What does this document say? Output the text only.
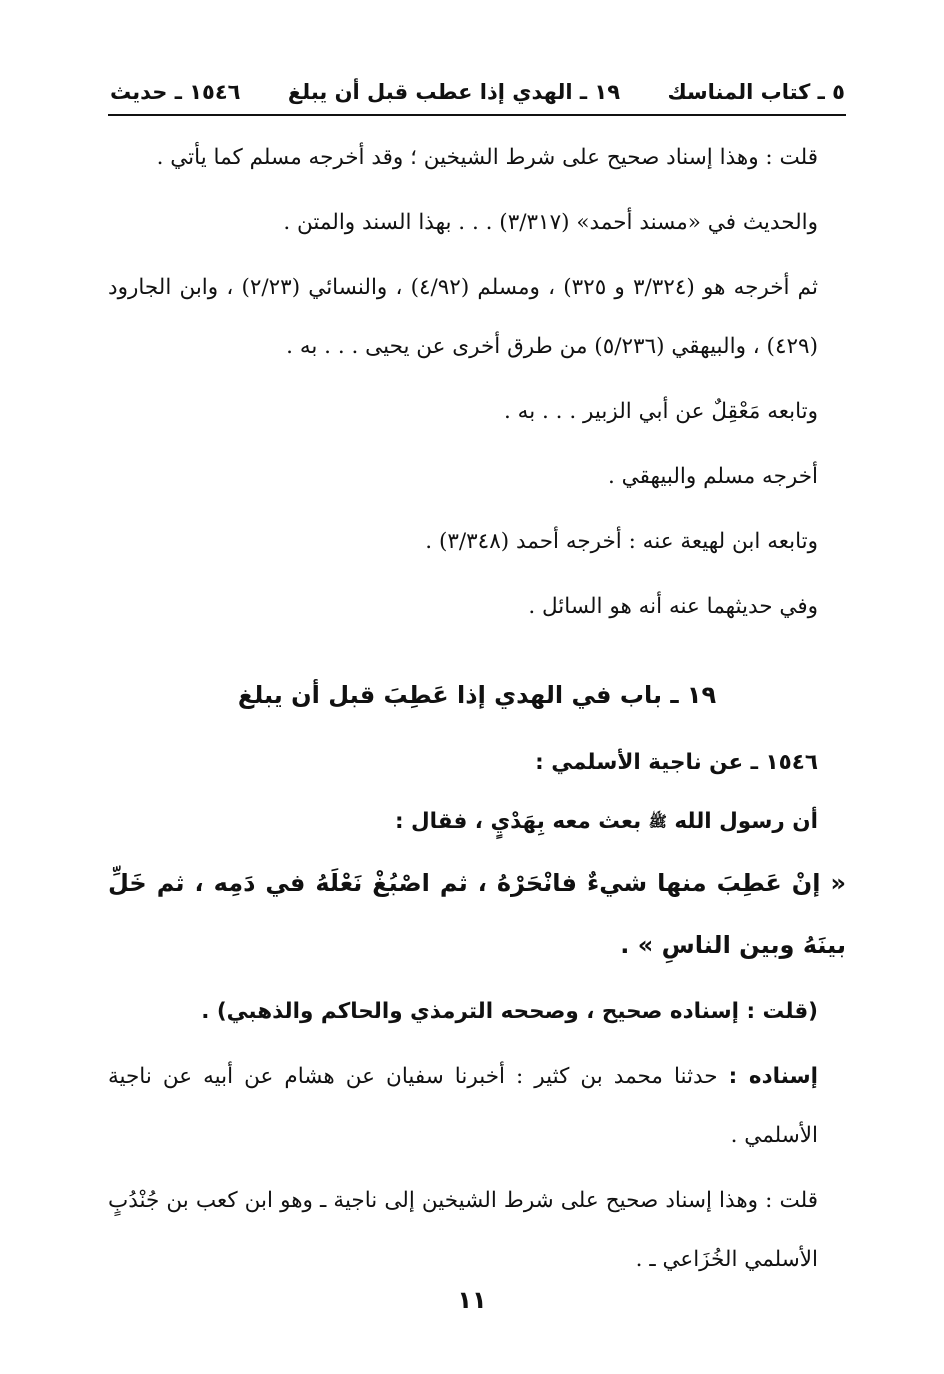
٥ ـ كتاب المناسك
١٩ ـ الهدي إذا عطب قبل أن يبلغ
١٥٤٦ ـ حديث

قلت : وهذا إسناد صحيح على شرط الشيخين ؛ وقد أخرجه مسلم كما يأتي .

والحديث في «مسند أحمد» (٣/٣١٧) . . . بهذا السند والمتن .

ثم أخرجه هو (٣/٣٢٤ و ٣٢٥) ، ومسلم (٤/٩٢) ، والنسائي (٢/٢٣) ، وابن الجارود (٤٢٩) ، والبيهقي (٥/٢٣٦) من طرق أخرى عن يحيى . . . به .

وتابعه مَعْقِلٌ عن أبي الزبير . . . به .

أخرجه مسلم والبيهقي .

وتابعه ابن لهيعة عنه : أخرجه أحمد (٣/٣٤٨) .

وفي حديثهما عنه أنه هو السائل .

١٩ ـ باب في الهدي إذا عَطِبَ قبل أن يبلغ

١٥٤٦ ـ عن ناجية الأسلمي :

أن رسول الله ﷺ بعث معه بِهَدْيٍ ، فقال :

« إنْ عَطِبَ منها شيءٌ فانْحَرْهُ ، ثم اصْبُغْ نَعْلَهُ في دَمِه ، ثم خَلِّ بينَهُ وبين الناسِ » .

(قلت : إسناده صحيح ، وصححه الترمذي والحاكم والذهبي) .

إسناده : حدثنا محمد بن كثير : أخبرنا سفيان عن هشام عن أبيه عن ناجية الأسلمي .

قلت : وهذا إسناد صحيح على شرط الشيخين إلى ناجية ـ وهو ابن كعب بن جُنْدُبٍ الأسلمي الخُزَاعي ـ .

١١
